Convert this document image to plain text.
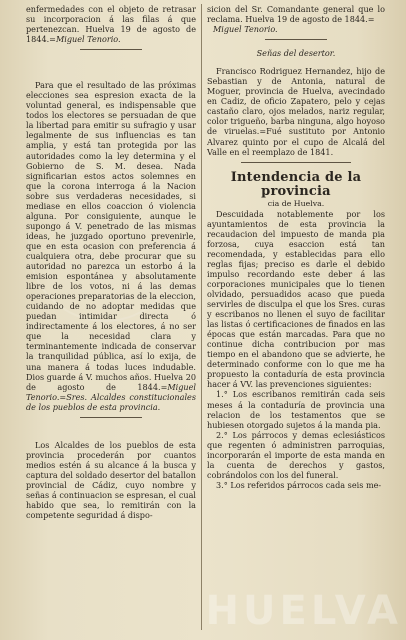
enfermedades con el objeto de retrasar su incorporacion á las filas á que pertenezcan. Huelva 19 de agosto de 1844.=Miguel Tenorio.

Para que el resultado de las próximas elecciones sea espresion exacta de la voluntad general, es indispensable que todos los electores se persuadan de que la libertad para emitir su sufragio y usar legalmente de sus influencias es tan amplia, y está tan protegida por las autoridades como la ley determina y el Gobierno de S. M. desea. Nada significarian estos actos solemnes en que la corona interroga á la Nacion sobre sus verdaderas necesidades, si mediase en ellos coaccion ó violencia alguna. Por consiguiente, aunque le supongo á V. penetrado de las mismas ideas, he juzgado oportuno prevenirle, que en esta ocasion con preferencia á cualquiera otra, debe procurar que su autoridad no parezca un estorbo á la emision espontánea y absolutamente libre de los votos, ni á las demas operaciones preparatorias de la eleccion, cuidando de no adoptar medidas que puedan intimidar directa ó indirectamente á los electores, á no ser que la necesidad clara y terminantemente indicada de conservar la tranquilidad pública, así lo exija, de una manera á todas luces indudable. Dios guarde á V. muchos años. Huelva 20 de agosto de 1844.=Miguel Tenorio.=Sres. Alcaldes constitucionales de los pueblos de esta provincia.

Los Alcaldes de los pueblos de esta provincia procederán por cuantos medios estén á su alcance á la busca y captura del soldado desertor del batallon provincial de Cádiz, cuyo nombre y señas á continuacion se espresan, el cual habido que sea, lo remitirán con la competente seguridad á dispo-

sicion del Sr. Comandante general que lo reclama. Huelva 19 de agosto de 1844.=

Miguel Tenorio.

Señas del desertor.

Francisco Rodriguez Hernandez, hijo de Sebastian y de Antonia, natural de Moguer, provincia de Huelva, avecindado en Cadiz, de oficio Zapatero, pelo y cejas castaño claro, ojos melados, nariz regular, color trigueño, barba ninguna, algo hoyoso de viruelas.=Fué sustituto por Antonio Alvarez quinto por el cupo de Alcalá del Valle en el reemplazo de 1841.

Intendencia de la provincia

cia de Huelva.

Descuidada notablemente por los ayuntamientos de esta provincia la recaudacion del impuesto de manda pia forzosa, cuya esaccion está tan recomendada, y establecidas para ello reglas fijas; preciso es darle el debido impulso recordando este deber á las corporaciones municipales que lo tienen olvidado, persuadidos acaso que pueda servirles de disculpa el que los Sres. curas y escribanos no llenen el suyo de facilitar las listas ó certificaciones de finados en las épocas que están marcadas. Para que no continue dicha contribucion por mas tiempo en el abandono que se advierte, he determinado conforme con lo que me ha propuesto la contaduría de esta provincia hacer á VV. las prevenciones siguientes:

1.° Los escribanos remitirán cada seis meses á la contaduría de provincia una relacion de los testamentos que se hubiesen otorgado sujetos á la manda pia.

2.° Los párrocos y demas eclesiásticos que regenten ó administren parroquias, incorporarán el importe de esta manda en la cuenta de derechos y gastos, cobrándolos con los del funeral.

3.° Los referidos párrocos cada seis me-

HUELVA
